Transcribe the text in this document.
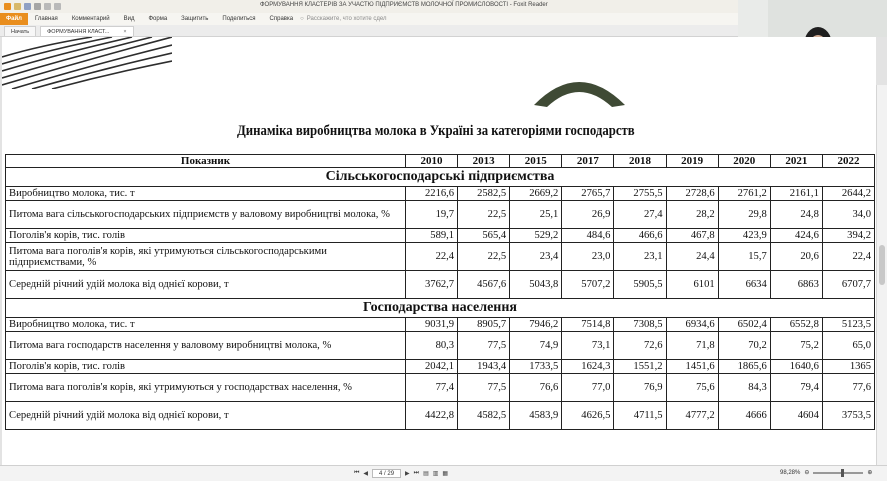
ФОРМУВАННЯ КЛАСТЕРІВ ЗА УЧАСТЮ ПІДПРИЄМСТВ МОЛОЧНОЇ ПРОМИСЛОВОСТІ - Foxit Reader
Файл	Главная	Комментарий	Вид	Форма	Защитить	Поделиться	Справка	○ Расскажите, что хотите сдел
Начать	ФОРМУВАННЯ КЛАСТ...	×
Динаміка виробництва молока в Україні за категоріями господарств
Показник	2010	2013	2015	2017	2018	2019	2020	2021	2022
Сільськогосподарські підприємства									
Виробництво молока, тис. т	2216,6	2582,5	2669,2	2765,7	2755,5	2728,6	2761,2	2161,1	2644,2
Питома вага сільськогосподарських підприємств у валовому виробництві молока, %	19,7	22,5	25,1	26,9	27,4	28,2	29,8	24,8	34,0
Поголів'я корів, тис. голів	589,1	565,4	529,2	484,6	466,6	467,8	423,9	424,6	394,2
Питома вага поголів'я корів, які утримуються сільськогосподарськими підприємствами, %	22,4	22,5	23,4	23,0	23,1	24,4	15,7	20,6	22,4
Середній річний удій молока від однієї корови, т	3762,7	4567,6	5043,8	5707,2	5905,5	6101	6634	6863	6707,7
Господарства населення									
Виробництво молока, тис. т	9031,9	8905,7	7946,2	7514,8	7308,5	6934,6	6502,4	6552,8	5123,5
Питома вага господарств населення у валовому виробництві молока, %	80,3	77,5	74,9	73,1	72,6	71,8	70,2	75,2	65,0
Поголів'я корів, тис. голів	2042,1	1943,4	1733,5	1624,3	1551,2	1451,6	1865,6	1640,6	1365
Питома вага поголів'я корів, які утримуються у господарствах населення, %	77,4	77,5	76,6	77,0	76,9	75,6	84,3	79,4	77,6
Середній річний удій молока від однієї корови, т	4422,8	4582,5	4583,9	4626,5	4711,5	4777,2	4666	4604	3753,5
⏮ ◀	4 / 29	▶ ⏭ ▤ ▥ ▦	98,28% ⊖	⊕
